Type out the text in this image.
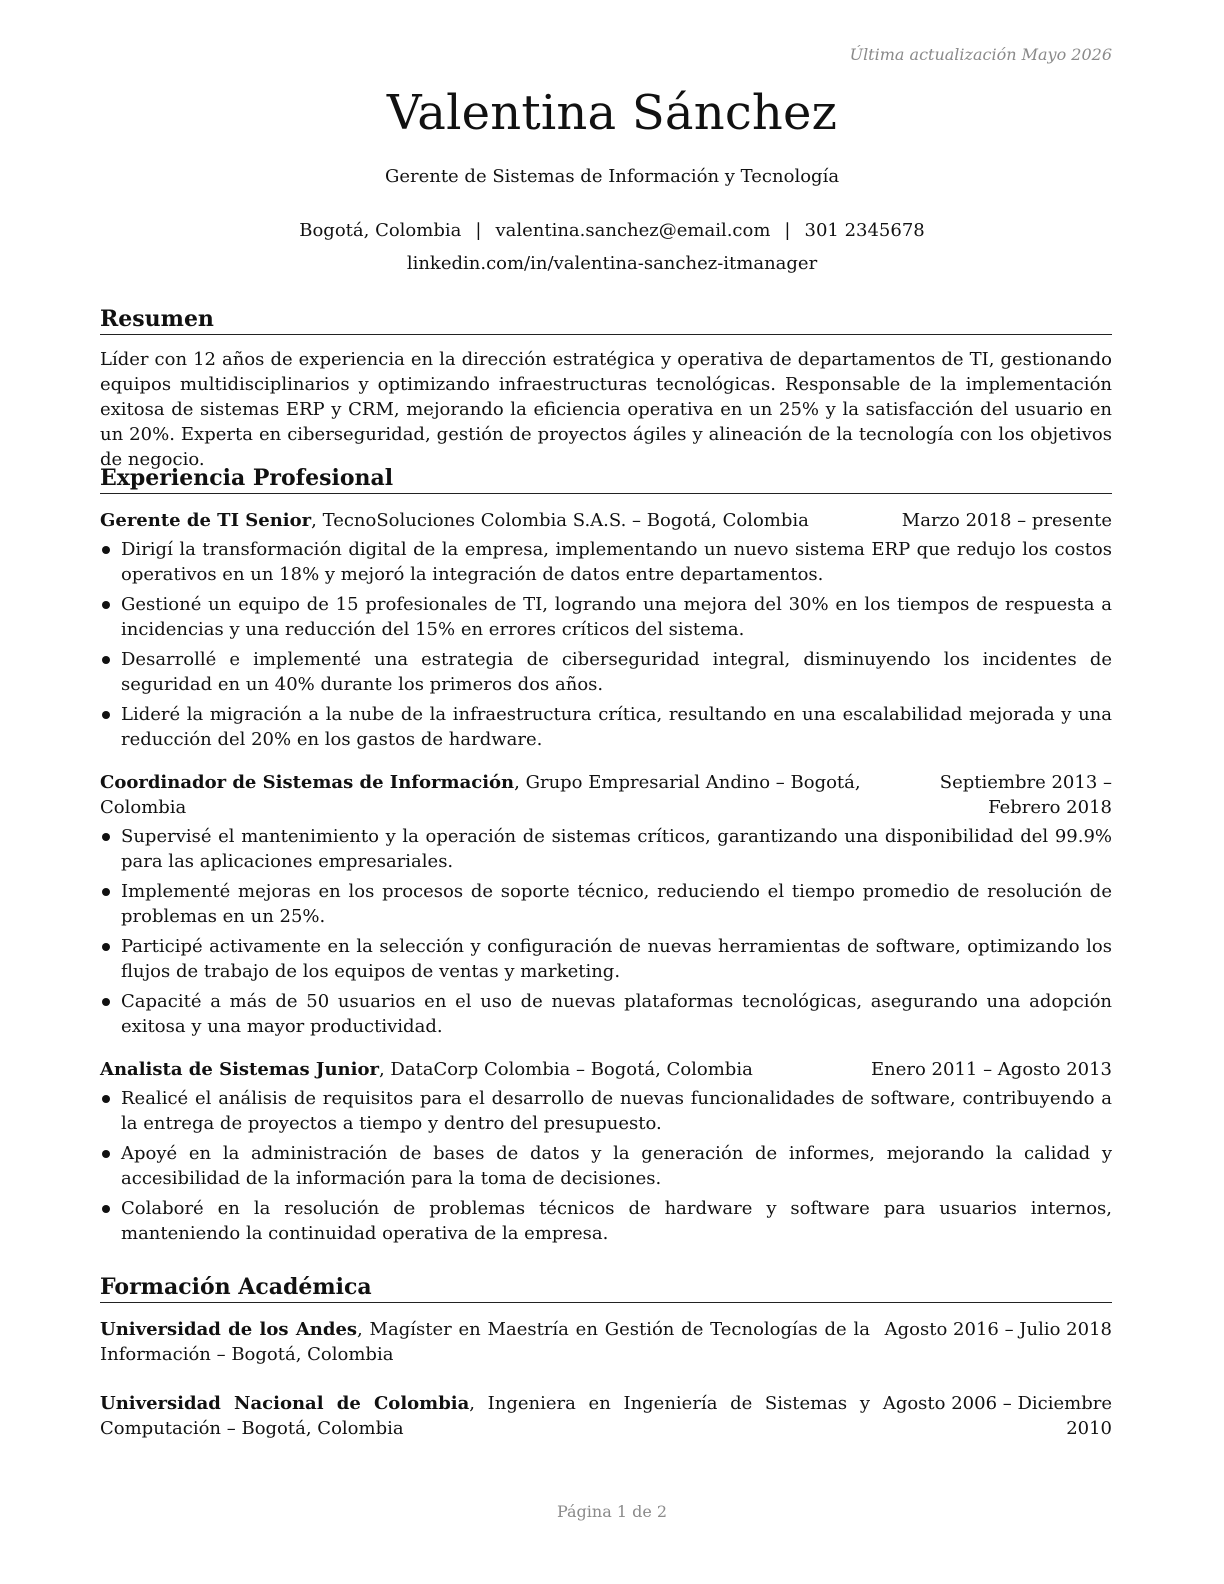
Última actualización Mayo 2026
Valentina Sánchez
Gerente de Sistemas de Información y Tecnología
Bogotá, Colombia | valentina.sanchez@email.com | 301 2345678
linkedin.com/in/valentina-sanchez-itmanager
Resumen
Líder con 12 años de experiencia en la dirección estratégica y operativa de departamentos de TI, gestionando equipos multidisciplinarios y optimizando infraestructuras tecnológicas. Responsable de la implementación exitosa de sistemas ERP y CRM, mejorando la eficiencia operativa en un 25% y la satisfacción del usuario en un 20%. Experta en ciberseguridad, gestión de proyectos ágiles y alineación de la tecnología con los objetivos de negocio.
Experiencia Profesional
Gerente de TI Senior, TecnoSoluciones Colombia S.A.S. – Bogotá, Colombia	Marzo 2018 – presente
Dirigí la transformación digital de la empresa, implementando un nuevo sistema ERP que redujo los costos operativos en un 18% y mejoró la integración de datos entre departamentos.
Gestioné un equipo de 15 profesionales de TI, logrando una mejora del 30% en los tiempos de respuesta a incidencias y una reducción del 15% en errores críticos del sistema.
Desarrollé e implementé una estrategia de ciberseguridad integral, disminuyendo los incidentes de seguridad en un 40% durante los primeros dos años.
Lideré la migración a la nube de la infraestructura crítica, resultando en una escalabilidad mejorada y una reducción del 20% en los gastos de hardware.
Coordinador de Sistemas de Información, Grupo Empresarial Andino – Bogotá, Colombia
Septiembre 2013 – Febrero 2018
Supervisé el mantenimiento y la operación de sistemas críticos, garantizando una disponibilidad del 99.9% para las aplicaciones empresariales.
Implementé mejoras en los procesos de soporte técnico, reduciendo el tiempo promedio de resolución de problemas en un 25%.
Participé activamente en la selección y configuración de nuevas herramientas de software, optimizando los flujos de trabajo de los equipos de ventas y marketing.
Capacité a más de 50 usuarios en el uso de nuevas plataformas tecnológicas, asegurando una adopción exitosa y una mayor productividad.
Analista de Sistemas Junior, DataCorp Colombia – Bogotá, Colombia	Enero 2011 – Agosto 2013
Realicé el análisis de requisitos para el desarrollo de nuevas funcionalidades de software, contribuyendo a la entrega de proyectos a tiempo y dentro del presupuesto.
Apoyé en la administración de bases de datos y la generación de informes, mejorando la calidad y accesibilidad de la información para la toma de decisiones.
Colaboré en la resolución de problemas técnicos de hardware y software para usuarios internos, manteniendo la continuidad operativa de la empresa.
Formación Académica
Universidad de los Andes, Magíster en Maestría en Gestión de Tecnologías de la Información – Bogotá, Colombia
Agosto 2016 – Julio 2018
Universidad Nacional de Colombia, Ingeniera en Ingeniería de Sistemas y Computación – Bogotá, Colombia
Agosto 2006 – Diciembre 2010
Página 1 de 2
